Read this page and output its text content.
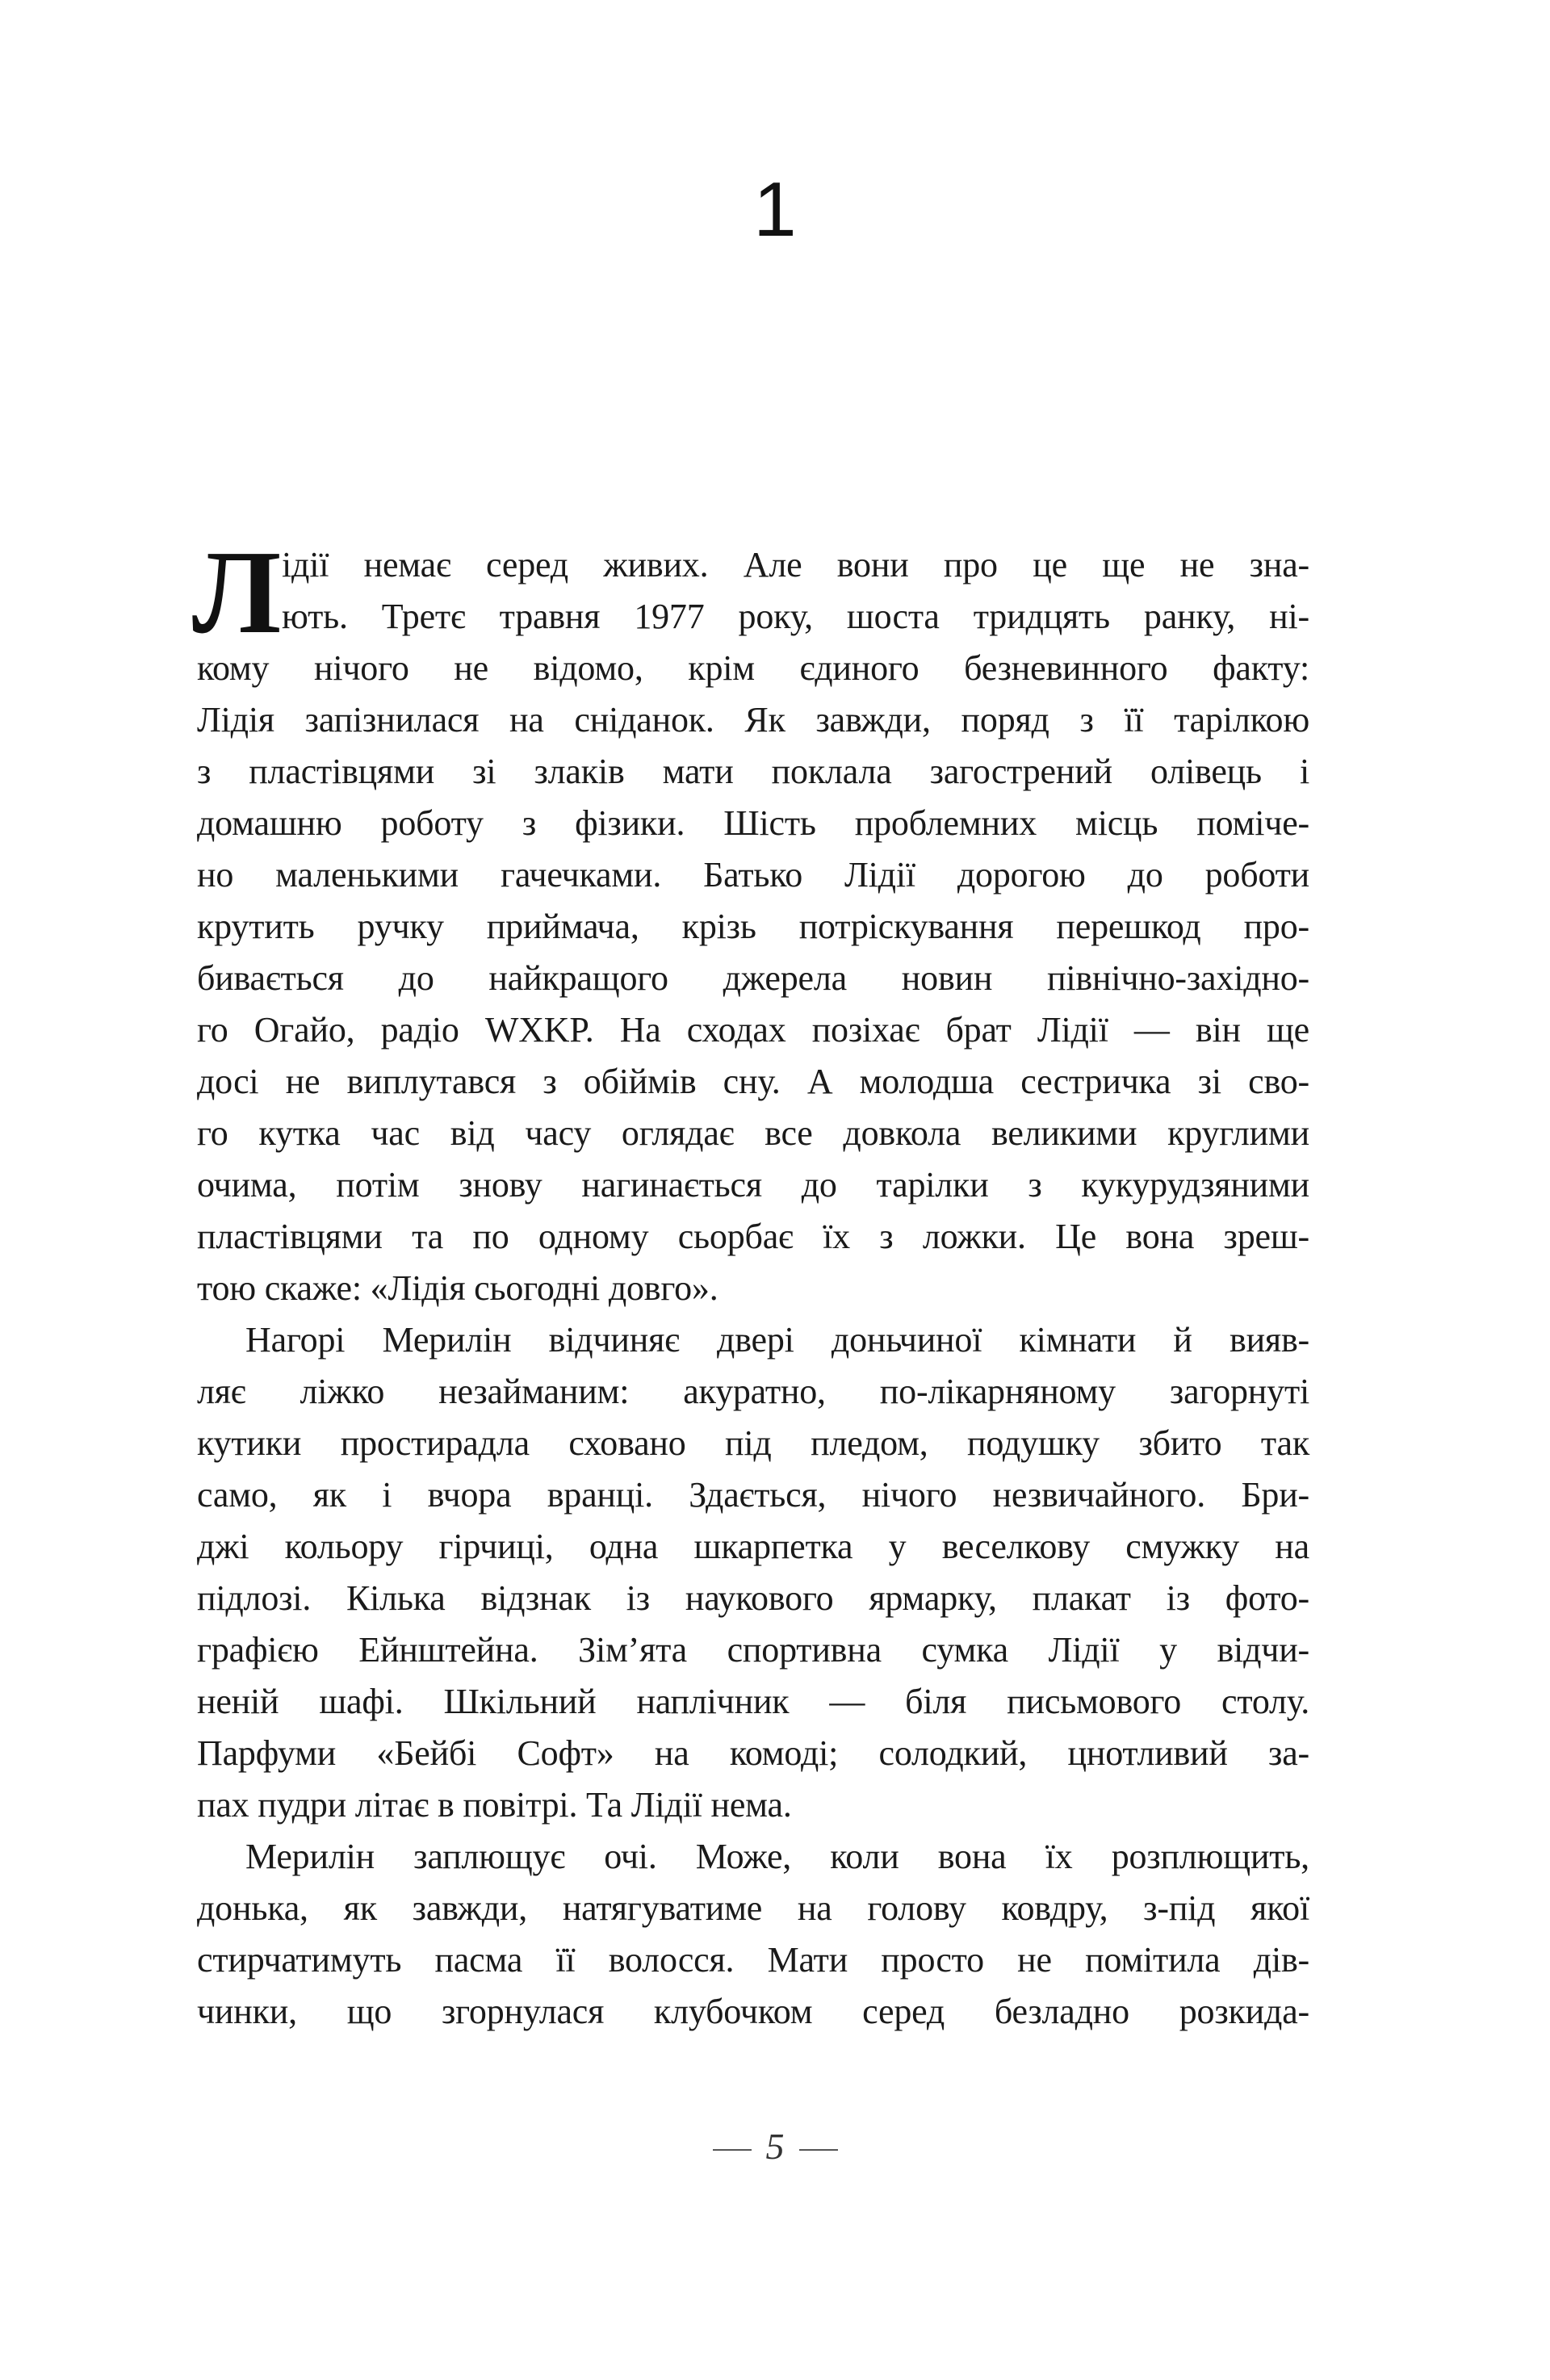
1
Л ідії немає серед живих. Але вони про це ще не зна-
ють. Третє травня 1977 року, шоста тридцять ранку, ні-
кому нічого не відомо, крім єдиного безневинного факту:
Лідія запізнилася на сніданок. Як завжди, поряд з її тарілкою
з пластівцями зі злаків мати поклала загострений олівець і
домашню роботу з фізики. Шість проблемних місць поміче-
но маленькими гачечками. Батько Лідії дорогою до роботи
крутить ручку приймача, крізь потріскування перешкод про-
бивається до найкращого джерела новин північно-західно-
го Огайо, радіо WXKP. На сходах позіхає брат Лідії — він ще
досі не виплутався з обіймів сну. А молодша сестричка зі сво-
го кутка час від часу оглядає все довкола великими круглими
очима, потім знову нагинається до тарілки з кукурудзяними
пластівцями та по одному сьорбає їх з ложки. Це вона зреш-
тою скаже: «Лідія сьогодні довго».
Нагорі Мерилін відчиняє двері доньчиної кімнати й вияв-
ляє ліжко незайманим: акуратно, по-лікарняному загорнуті
кутики простирадла сховано під пледом, подушку збито так
само, як і вчора вранці. Здається, нічого незвичайного. Бри-
джі кольору гірчиці, одна шкарпетка у веселкову смужку на
підлозі. Кілька відзнак із наукового ярмарку, плакат із фото-
графією Ейнштейна. Зім’ята спортивна сумка Лідії у відчи-
неній шафі. Шкільний наплічник — біля письмового столу.
Парфуми «Бейбі Софт» на комоді; солодкий, цнотливий за-
пах пудри літає в повітрі. Та Лідії нема.
Мерилін заплющує очі. Може, коли вона їх розплющить,
донька, як завжди, натягуватиме на голову ковдру, з-під якої
стирчатимуть пасма її волосся. Мати просто не помітила дів-
чинки, що згорнулася клубочком серед безладно розкида-
5
